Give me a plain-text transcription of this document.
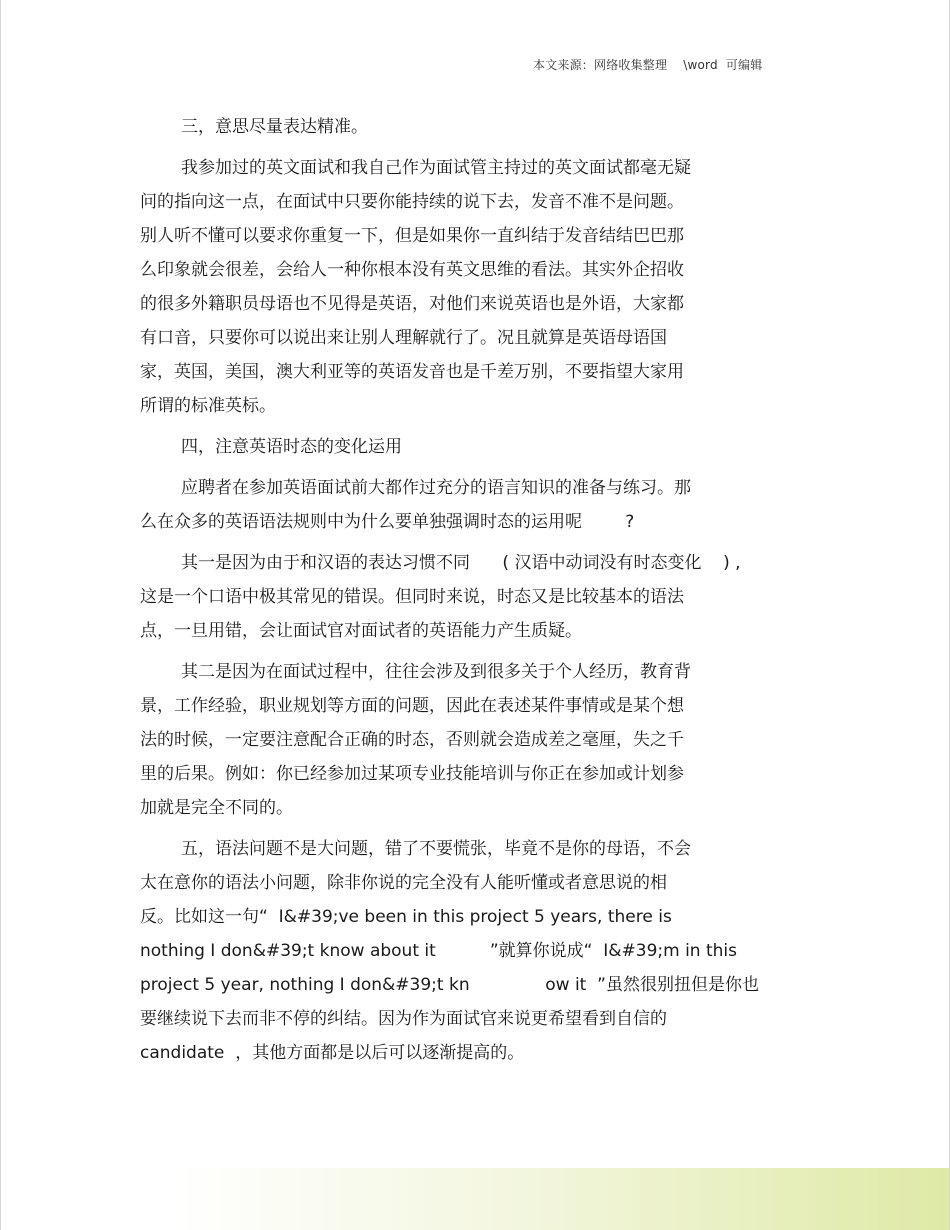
本文来源：网络收集整理    \word  可编辑
三，意思尽量表达精准。
我参加过的英文面试和我自己作为面试管主持过的英文面试都毫无疑
问的指向这一点，在面试中只要你能持续的说下去，发音不准不是问题。
别人听不懂可以要求你重复一下，但是如果你一直纠结于发音结结巴巴那
么印象就会很差，会给人一种你根本没有英文思维的看法。其实外企招收
的很多外籍职员母语也不见得是英语，对他们来说英语也是外语，大家都
有口音，只要你可以说出来让别人理解就行了。况且就算是英语母语国
家，英国，美国，澳大利亚等的英语发音也是千差万别，不要指望大家用
所谓的标准英标。
四，注意英语时态的变化运用
应聘者在参加英语面试前大都作过充分的语言知识的准备与练习。那
么在众多的英语语法规则中为什么要单独强调时态的运用呢        ?
其一是因为由于和汉语的表达习惯不同      ( 汉语中动词没有时态变化    ) ,
这是一个口语中极其常见的错误。但同时来说，时态又是比较基本的语法
点，一旦用错，会让面试官对面试者的英语能力产生质疑。
其二是因为在面试过程中，往往会涉及到很多关于个人经历，教育背
景，工作经验，职业规划等方面的问题，因此在表述某件事情或是某个想
法的时候，一定要注意配合正确的时态，否则就会造成差之毫厘，失之千
里的后果。例如：你已经参加过某项专业技能培训与你正在参加或计划参
加就是完全不同的。
五，语法问题不是大问题，错了不要慌张，毕竟不是你的母语，不会
太在意你的语法小问题，除非你说的完全没有人能听懂或者意思说的相
反。比如这一句“  I&#39;ve been in this project 5 years, there is
nothing I don&#39;t know about it          ”就算你说成“  I&#39;m in this
project 5 year, nothing I don&#39;t kn              ow it  ”虽然很别扭但是你也
要继续说下去而非不停的纠结。因为作为面试官来说更希望看到自信的
candidate  ，其他方面都是以后可以逐渐提高的。
